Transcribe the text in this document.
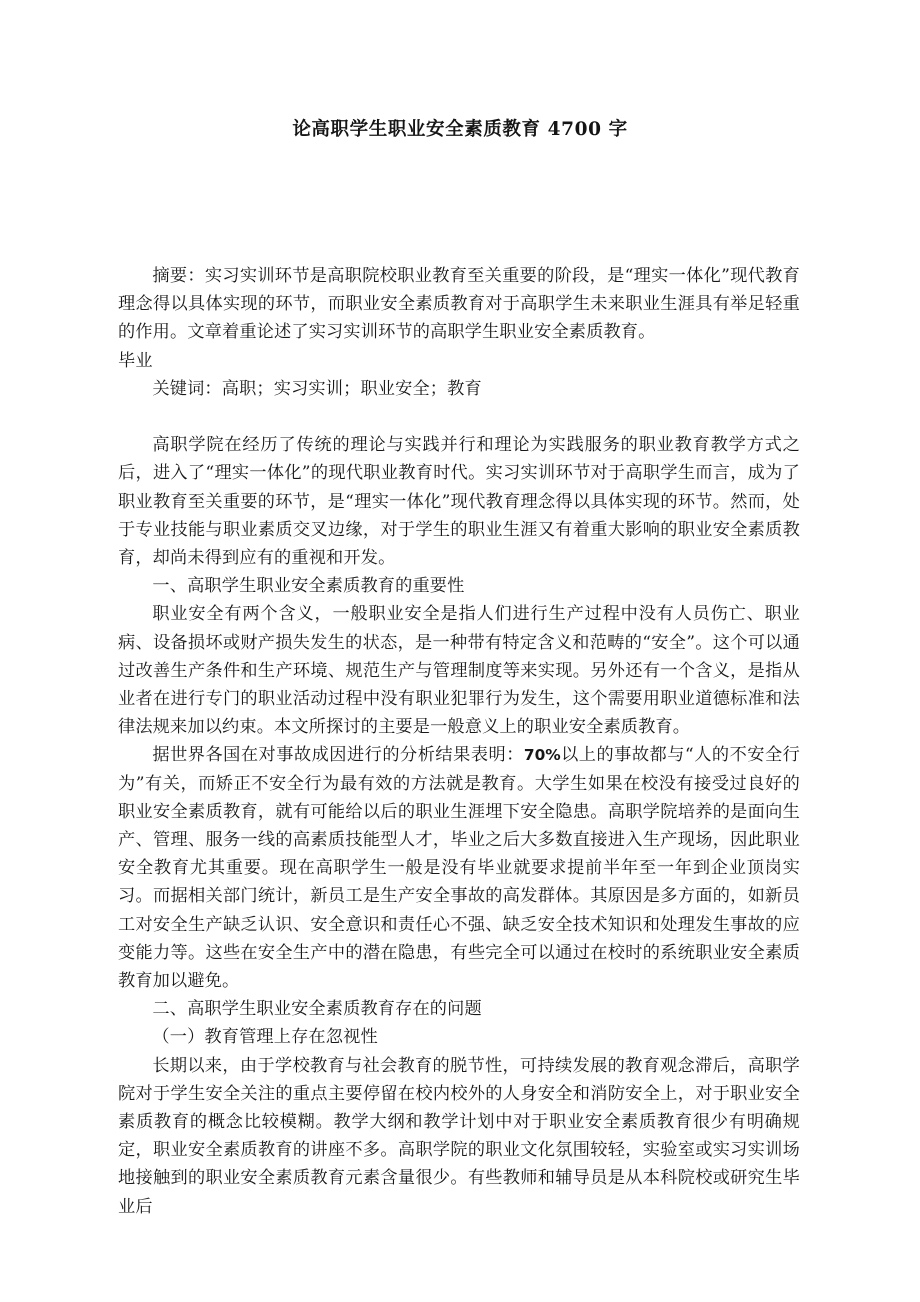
论高职学生职业安全素质教育 4700 字

摘要：实习实训环节是高职院校职业教育至关重要的阶段，是“理实一体化”现代教育理念得以具体实现的环节，而职业安全素质教育对于高职学生未来职业生涯具有举足轻重的作用。文章着重论述了实习实训环节的高职学生职业安全素质教育。

毕业

关键词：高职；实习实训；职业安全；教育

高职学院在经历了传统的理论与实践并行和理论为实践服务的职业教育教学方式之后，进入了“理实一体化”的现代职业教育时代。实习实训环节对于高职学生而言，成为了职业教育至关重要的环节，是“理实一体化”现代教育理念得以具体实现的环节。然而，处于专业技能与职业素质交叉边缘，对于学生的职业生涯又有着重大影响的职业安全素质教育，却尚未得到应有的重视和开发。

一、高职学生职业安全素质教育的重要性

职业安全有两个含义，一般职业安全是指人们进行生产过程中没有人员伤亡、职业病、设备损坏或财产损失发生的状态，是一种带有特定含义和范畴的“安全”。这个可以通过改善生产条件和生产环境、规范生产与管理制度等来实现。另外还有一个含义，是指从业者在进行专门的职业活动过程中没有职业犯罪行为发生，这个需要用职业道德标准和法律法规来加以约束。本文所探讨的主要是一般意义上的职业安全素质教育。

据世界各国在对事故成因进行的分析结果表明：70%以上的事故都与“人的不安全行为”有关，而矫正不安全行为最有效的方法就是教育。大学生如果在校没有接受过良好的职业安全素质教育，就有可能给以后的职业生涯埋下安全隐患。高职学院培养的是面向生产、管理、服务一线的高素质技能型人才，毕业之后大多数直接进入生产现场，因此职业安全教育尤其重要。现在高职学生一般是没有毕业就要求提前半年至一年到企业顶岗实习。而据相关部门统计，新员工是生产安全事故的高发群体。其原因是多方面的，如新员工对安全生产缺乏认识、安全意识和责任心不强、缺乏安全技术知识和处理发生事故的应变能力等。这些在安全生产中的潜在隐患，有些完全可以通过在校时的系统职业安全素质教育加以避免。

二、高职学生职业安全素质教育存在的问题

（一）教育管理上存在忽视性

长期以来，由于学校教育与社会教育的脱节性，可持续发展的教育观念滞后，高职学院对于学生安全关注的重点主要停留在校内校外的人身安全和消防安全上，对于职业安全素质教育的概念比较模糊。教学大纲和教学计划中对于职业安全素质教育很少有明确规定，职业安全素质教育的讲座不多。高职学院的职业文化氛围较轻，实验室或实习实训场地接触到的职业安全素质教育元素含量很少。有些教师和辅导员是从本科院校或研究生毕业后
